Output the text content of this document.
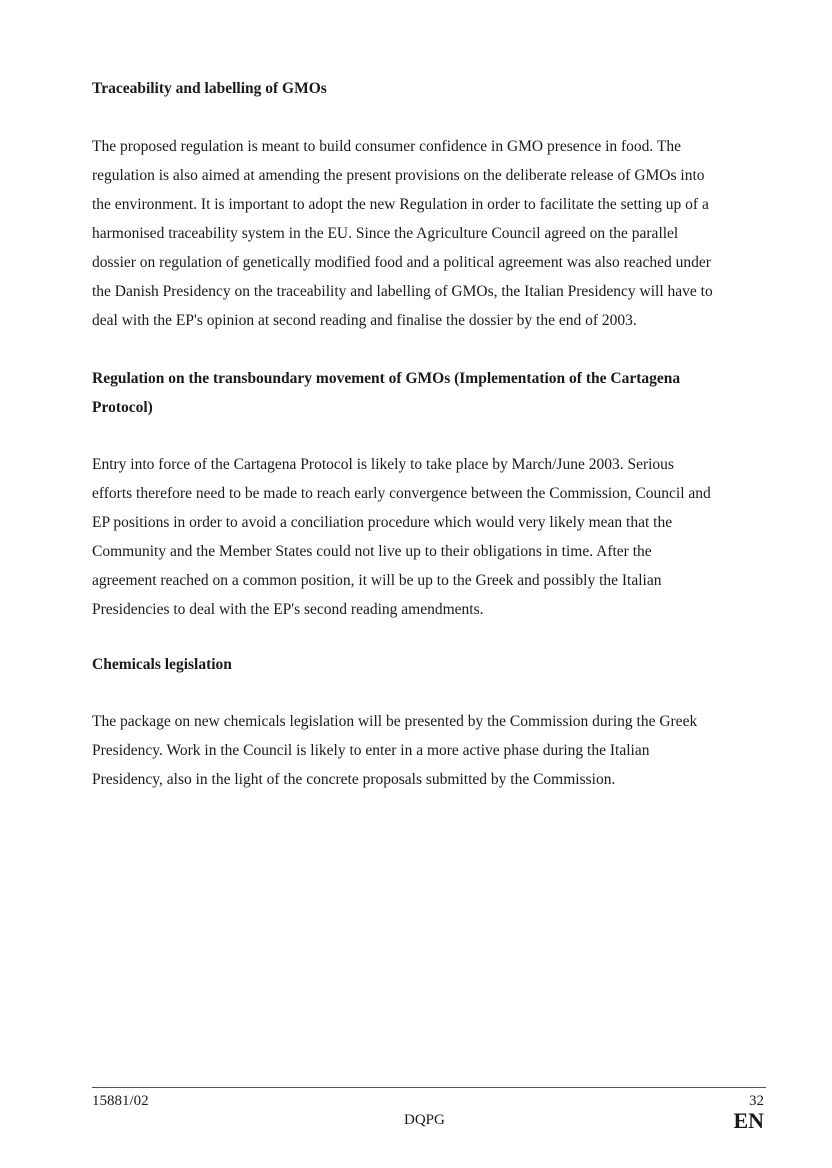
Traceability and labelling of GMOs
The proposed regulation is meant to build consumer confidence in GMO presence in food. The
regulation is also aimed at amending the present provisions on the deliberate release of GMOs into
the environment. It is important to adopt the new Regulation in order to facilitate the setting up of a
harmonised traceability system in the EU. Since the Agriculture Council agreed on the parallel
dossier on regulation of genetically modified food and a political agreement was also reached under
the Danish Presidency on the traceability and labelling of GMOs, the Italian Presidency will have to
deal with the EP's opinion at second reading and finalise the dossier by the end of 2003.
Regulation on the transboundary movement of GMOs (Implementation of the Cartagena
Protocol)
Entry into force of the Cartagena Protocol is likely to take place by March/June 2003. Serious
efforts therefore need to be made to reach early convergence between the Commission, Council and
EP positions in order to avoid a conciliation procedure which would very likely mean that the
Community and the Member States could not live up to their obligations in time. After the
agreement reached on a common position, it will be up to the Greek and possibly the Italian
Presidencies to deal with the EP's second reading amendments.
Chemicals legislation
The package on new chemicals legislation will be presented by the Commission during the Greek
Presidency. Work in the Council is likely to enter in a more active phase during the Italian
Presidency, also in the light of the concrete proposals submitted by the Commission.
15881/02	32
DQPG	EN
